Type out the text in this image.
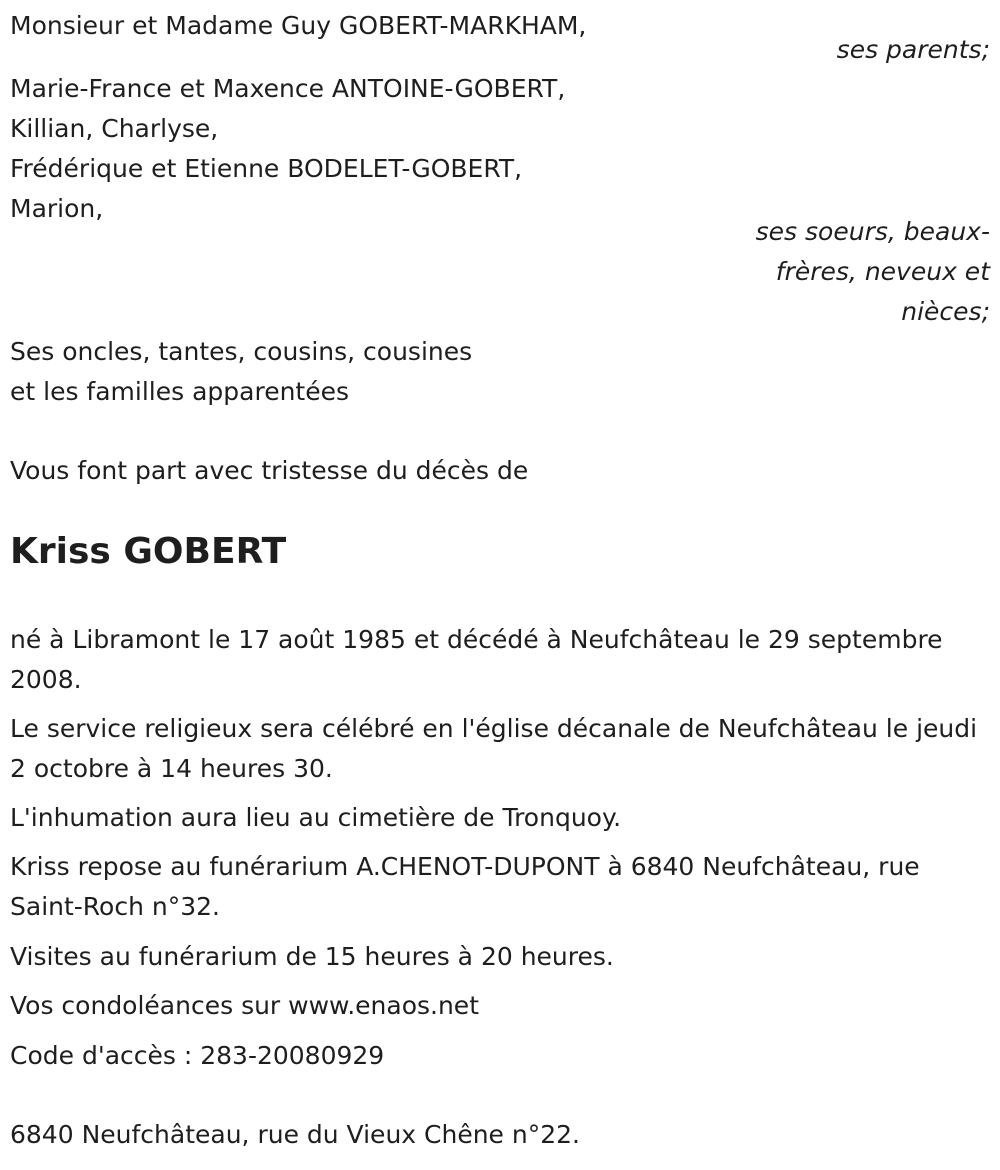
Monsieur et Madame Guy GOBERT-MARKHAM,
ses parents;
Marie-France et Maxence ANTOINE-GOBERT,
Killian, Charlyse,
Frédérique et Etienne BODELET-GOBERT,
Marion,
ses soeurs, beaux-
frères, neveux et
nièces;
Ses oncles, tantes, cousins, cousines
et les familles apparentées
Vous font part avec tristesse du décès de
Kriss GOBERT
né à Libramont le 17 août 1985 et décédé à Neufchâteau le 29 septembre 2008.
Le service religieux sera célébré en l'église décanale de Neufchâteau le jeudi 2 octobre à 14 heures 30.
L'inhumation aura lieu au cimetière de Tronquoy.
Kriss repose au funérarium A.CHENOT-DUPONT à 6840 Neufchâteau, rue Saint-Roch n°32.
Visites au funérarium de 15 heures à 20 heures.
Vos condoléances sur www.enaos.net
Code d'accès : 283-20080929
6840 Neufchâteau, rue du Vieux Chêne n°22.
